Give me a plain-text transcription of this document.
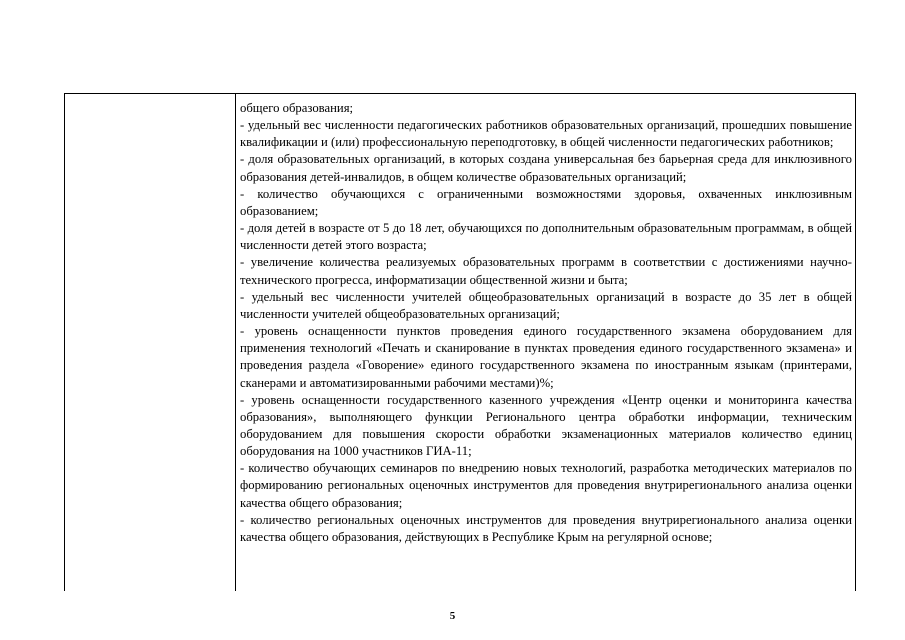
общего образования;

- удельный вес численности педагогических работников образовательных организаций, прошедших повышение квалификации и (или) профессиональную переподготовку, в общей численности педагогических работников;

- доля образовательных организаций, в которых создана универсальная без барьерная среда для инклюзивного образования детей-инвалидов, в общем количестве образовательных организаций;

- количество обучающихся с ограниченными возможностями здоровья, охваченных инклюзивным образованием;

- доля детей в возрасте от 5 до 18 лет, обучающихся по дополнительным образовательным программам, в общей численности детей этого возраста;

- увеличение количества реализуемых образовательных программ в соответствии с достижениями научно-технического прогресса, информатизации общественной жизни и быта;

- удельный вес численности учителей общеобразовательных организаций в возрасте до 35 лет в общей численности учителей общеобразовательных организаций;

- уровень оснащенности пунктов проведения единого государственного экзамена оборудованием для применения технологий «Печать и сканирование в пунктах проведения единого государственного экзамена» и проведения раздела «Говорение» единого государственного экзамена по иностранным языкам (принтерами, сканерами и автоматизированными рабочими местами)%;

- уровень оснащенности государственного казенного учреждения «Центр оценки и мониторинга качества образования», выполняющего функции Регионального центра обработки информации, техническим оборудованием для повышения скорости обработки экзаменационных материалов количество единиц оборудования на 1000 участников ГИА-11;

- количество обучающих семинаров по внедрению новых технологий, разработка методических материалов по формированию региональных оценочных инструментов для проведения внутрирегионального анализа оценки качества общего образования;

- количество региональных оценочных инструментов для проведения внутрирегионального анализа оценки качества общего образования, действующих в Республике Крым на регулярной основе;

5
